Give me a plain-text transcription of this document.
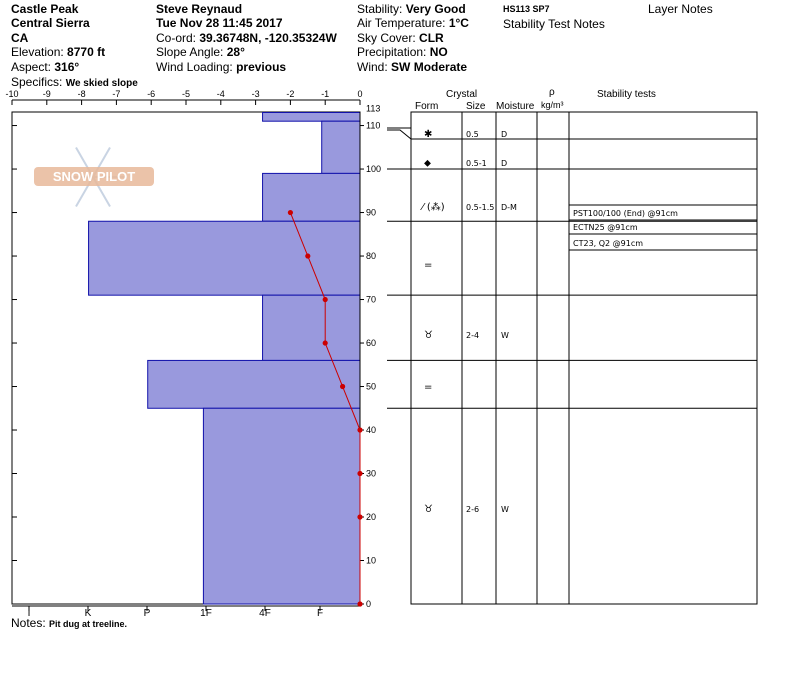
Castle Peak
Central Sierra
CA
Elevation: 8770 ft
Aspect: 316°
Specifics: We skied slope
Steve Reynaud
Tue Nov 28 11:45 2017
Co-ord: 39.36748N, -120.35324W
Slope Angle: 28°
Wind Loading: previous
Stability: Very Good
Air Temperature: 1°C
Sky Cover: CLR
Precipitation: NO
Wind: SW Moderate
HS113 SP7
Stability Test Notes
Layer Notes
Crystal
Form	Size Moisture
ρ
kg/m³
Stability tests
Notes: Pit dug at treeline.
SNOW PILOT
-10	-9	-8	-7	-6	-5	-4	-3	-2	-1	0
I	K	P	1F	4F	F
0
10
20
30
40
50
60
70
80
90
100
110
113
✱	0.5	D
⬥	0.5-1 D
⁄ (⁂)	0.5-1.5 D-M
=
♉	2-4	W
=
♉	2-6	W
PST100/100 (End) @91cm
ECTN25 @91cm
CT23, Q2 @91cm
